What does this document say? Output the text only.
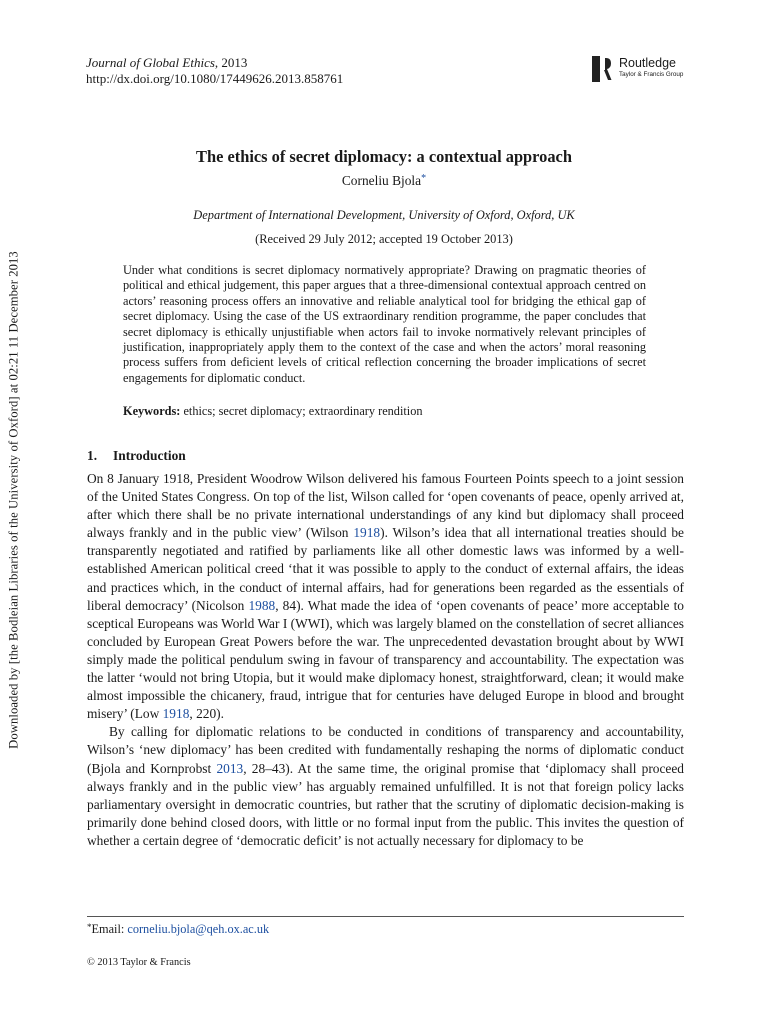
Downloaded by [the Bodleian Libraries of the University of Oxford] at 02:21 11 December 2013
Journal of Global Ethics, 2013
http://dx.doi.org/10.1080/17449626.2013.858761
Routledge
Taylor & Francis Group
The ethics of secret diplomacy: a contextual approach
Corneliu Bjola*
Department of International Development, University of Oxford, Oxford, UK
(Received 29 July 2012; accepted 19 October 2013)
Under what conditions is secret diplomacy normatively appropriate? Drawing on pragmatic theories of political and ethical judgement, this paper argues that a three-dimensional contextual approach centred on actors’ reasoning process offers an innovative and reliable analytical tool for bridging the ethical gap of secret diplomacy. Using the case of the US extraordinary rendition programme, the paper concludes that secret diplomacy is ethically unjustifiable when actors fail to invoke normatively relevant principles of justification, inappropriately apply them to the context of the case and when the actors’ moral reasoning process suffers from deficient levels of critical reflection concerning the broader implications of secret engagements for diplomatic conduct.
Keywords: ethics; secret diplomacy; extraordinary rendition
1. Introduction

On 8 January 1918, President Woodrow Wilson delivered his famous Fourteen Points speech to a joint session of the United States Congress. On top of the list, Wilson called for ‘open covenants of peace, openly arrived at, after which there shall be no private international understandings of any kind but diplomacy shall proceed always frankly and in the public view’ (Wilson 1918). Wilson’s idea that all international treaties should be transparently negotiated and ratified by parliaments like all other domestic laws was informed by a well-established American political creed ‘that it was possible to apply to the conduct of external affairs, the ideas and practices which, in the conduct of internal affairs, had for generations been regarded as the essentials of liberal democracy’ (Nicolson 1988, 84). What made the idea of ‘open covenants of peace’ more acceptable to sceptical Europeans was World War I (WWI), which was largely blamed on the constellation of secret alliances concluded by European Great Powers before the war. The unprecedented devastation brought about by WWI simply made the political pendulum swing in favour of transparency and accountability. The expectation was the latter ‘would not bring Utopia, but it would make diplomacy honest, straightforward, clean; it would make almost impossible the chicanery, fraud, intrigue that for centuries have deluged Europe in blood and brought misery’ (Low 1918, 220).

By calling for diplomatic relations to be conducted in conditions of transparency and accountability, Wilson’s ‘new diplomacy’ has been credited with fundamentally reshaping the norms of diplomatic conduct (Bjola and Kornprobst 2013, 28–43). At the same time, the original promise that ‘diplomacy shall proceed always frankly and in the public view’ has arguably remained unfulfilled. It is not that foreign policy lacks parliamentary oversight in democratic countries, but rather that the scrutiny of diplomatic decision-making is primarily done behind closed doors, with little or no formal input from the public. This invites the question of whether a certain degree of ‘democratic deficit’ is not actually necessary for diplomacy to be

*Email: corneliu.bjola@qeh.ox.ac.uk
© 2013 Taylor & Francis
